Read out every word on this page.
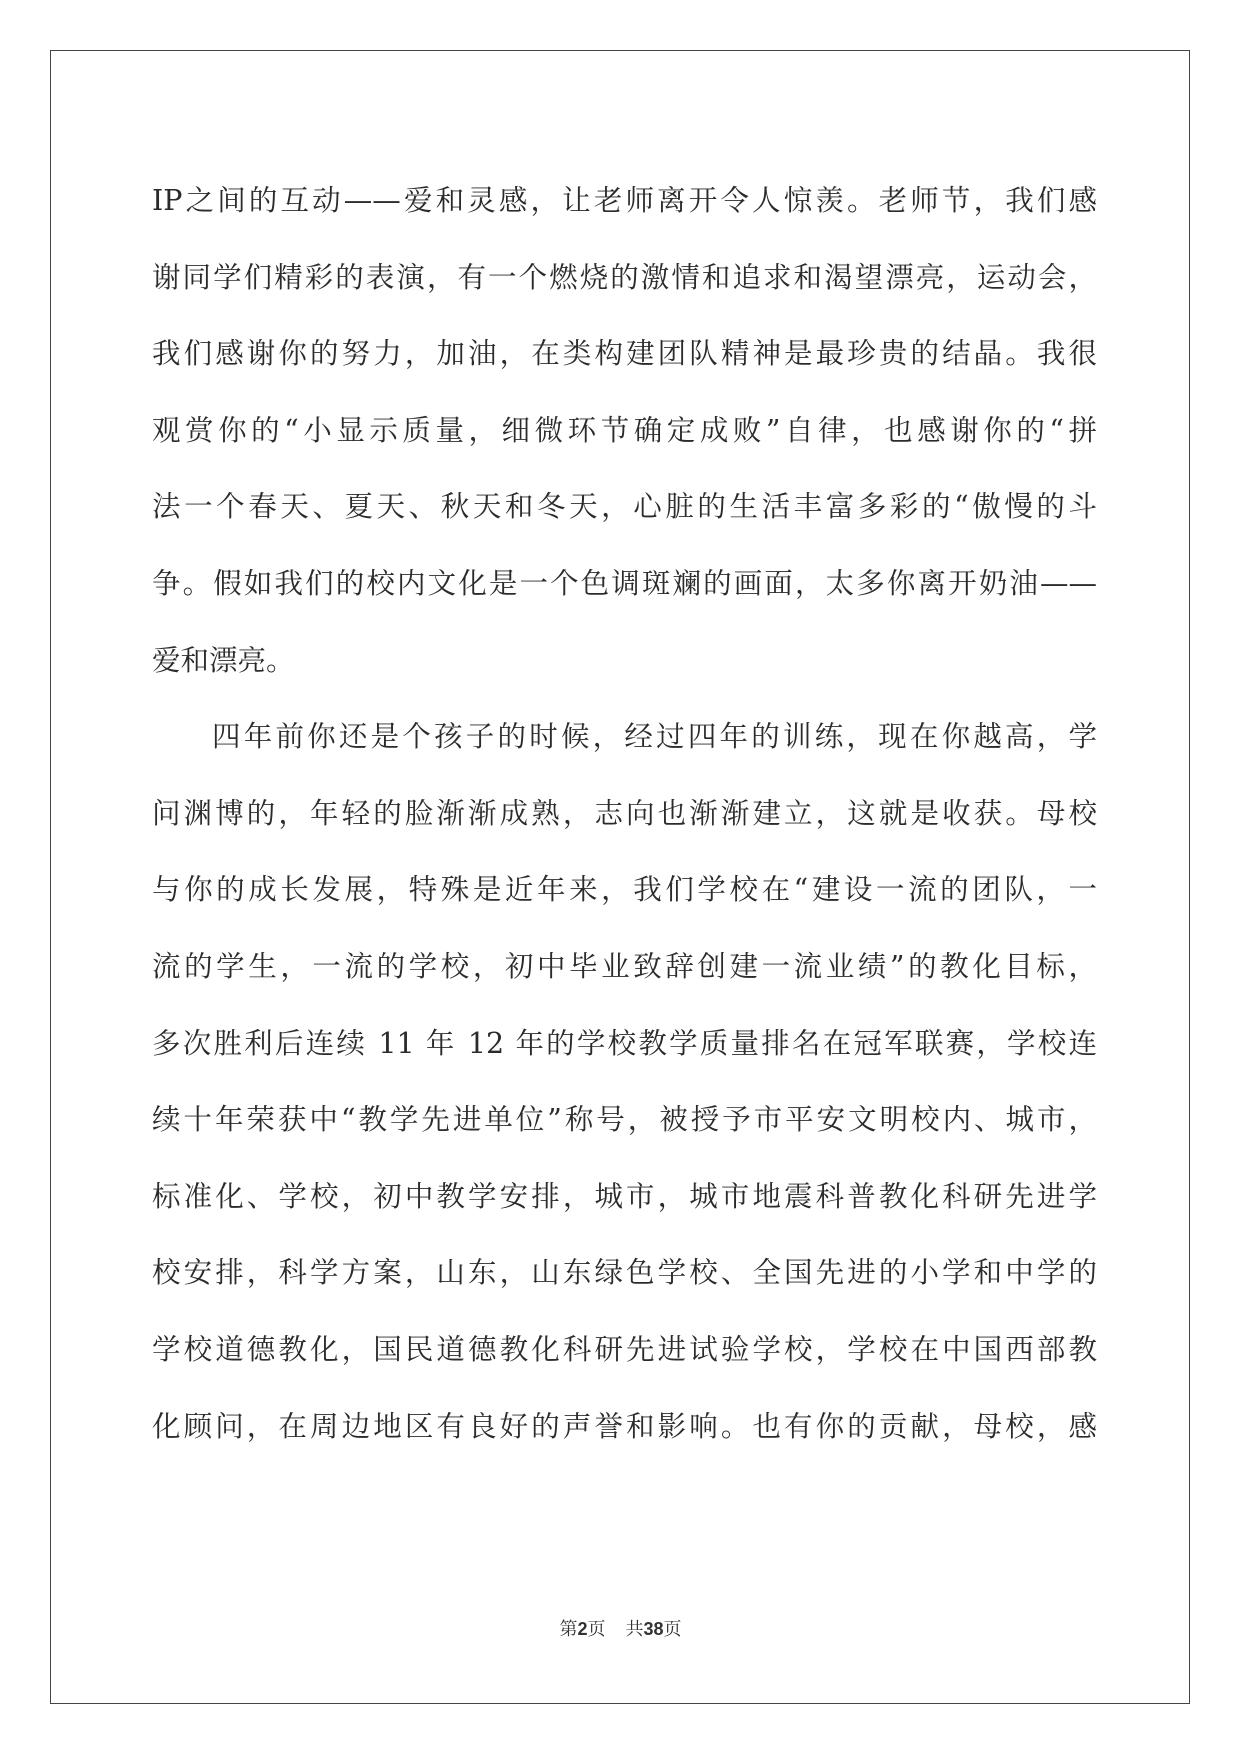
IP之间的互动——爱和灵感，让老师离开令人惊羡。老师节，我们感
谢同学们精彩的表演，有一个燃烧的激情和追求和渴望漂亮，运动会，
我们感谢你的努力，加油，在类构建团队精神是最珍贵的结晶。我很
观赏你的“小显示质量，细微环节确定成败”自律，也感谢你的“拼
法一个春天、夏天、秋天和冬天，心脏的生活丰富多彩的“傲慢的斗
争。假如我们的校内文化是一个色调斑斓的画面，太多你离开奶油——
爱和漂亮。
四年前你还是个孩子的时候，经过四年的训练，现在你越高，学
问渊博的，年轻的脸渐渐成熟，志向也渐渐建立，这就是收获。母校
与你的成长发展，特殊是近年来，我们学校在“建设一流的团队，一
流的学生，一流的学校，初中毕业致辞创建一流业绩”的教化目标，
多次胜利后连续 11 年 12 年的学校教学质量排名在冠军联赛，学校连
续十年荣获中“教学先进单位”称号，被授予市平安文明校内、城市，
标准化、学校，初中教学安排，城市，城市地震科普教化科研先进学
校安排，科学方案，山东，山东绿色学校、全国先进的小学和中学的
学校道德教化，国民道德教化科研先进试验学校，学校在中国西部教
化顾问，在周边地区有良好的声誉和影响。也有你的贡献，母校，感
第2页 共38页
